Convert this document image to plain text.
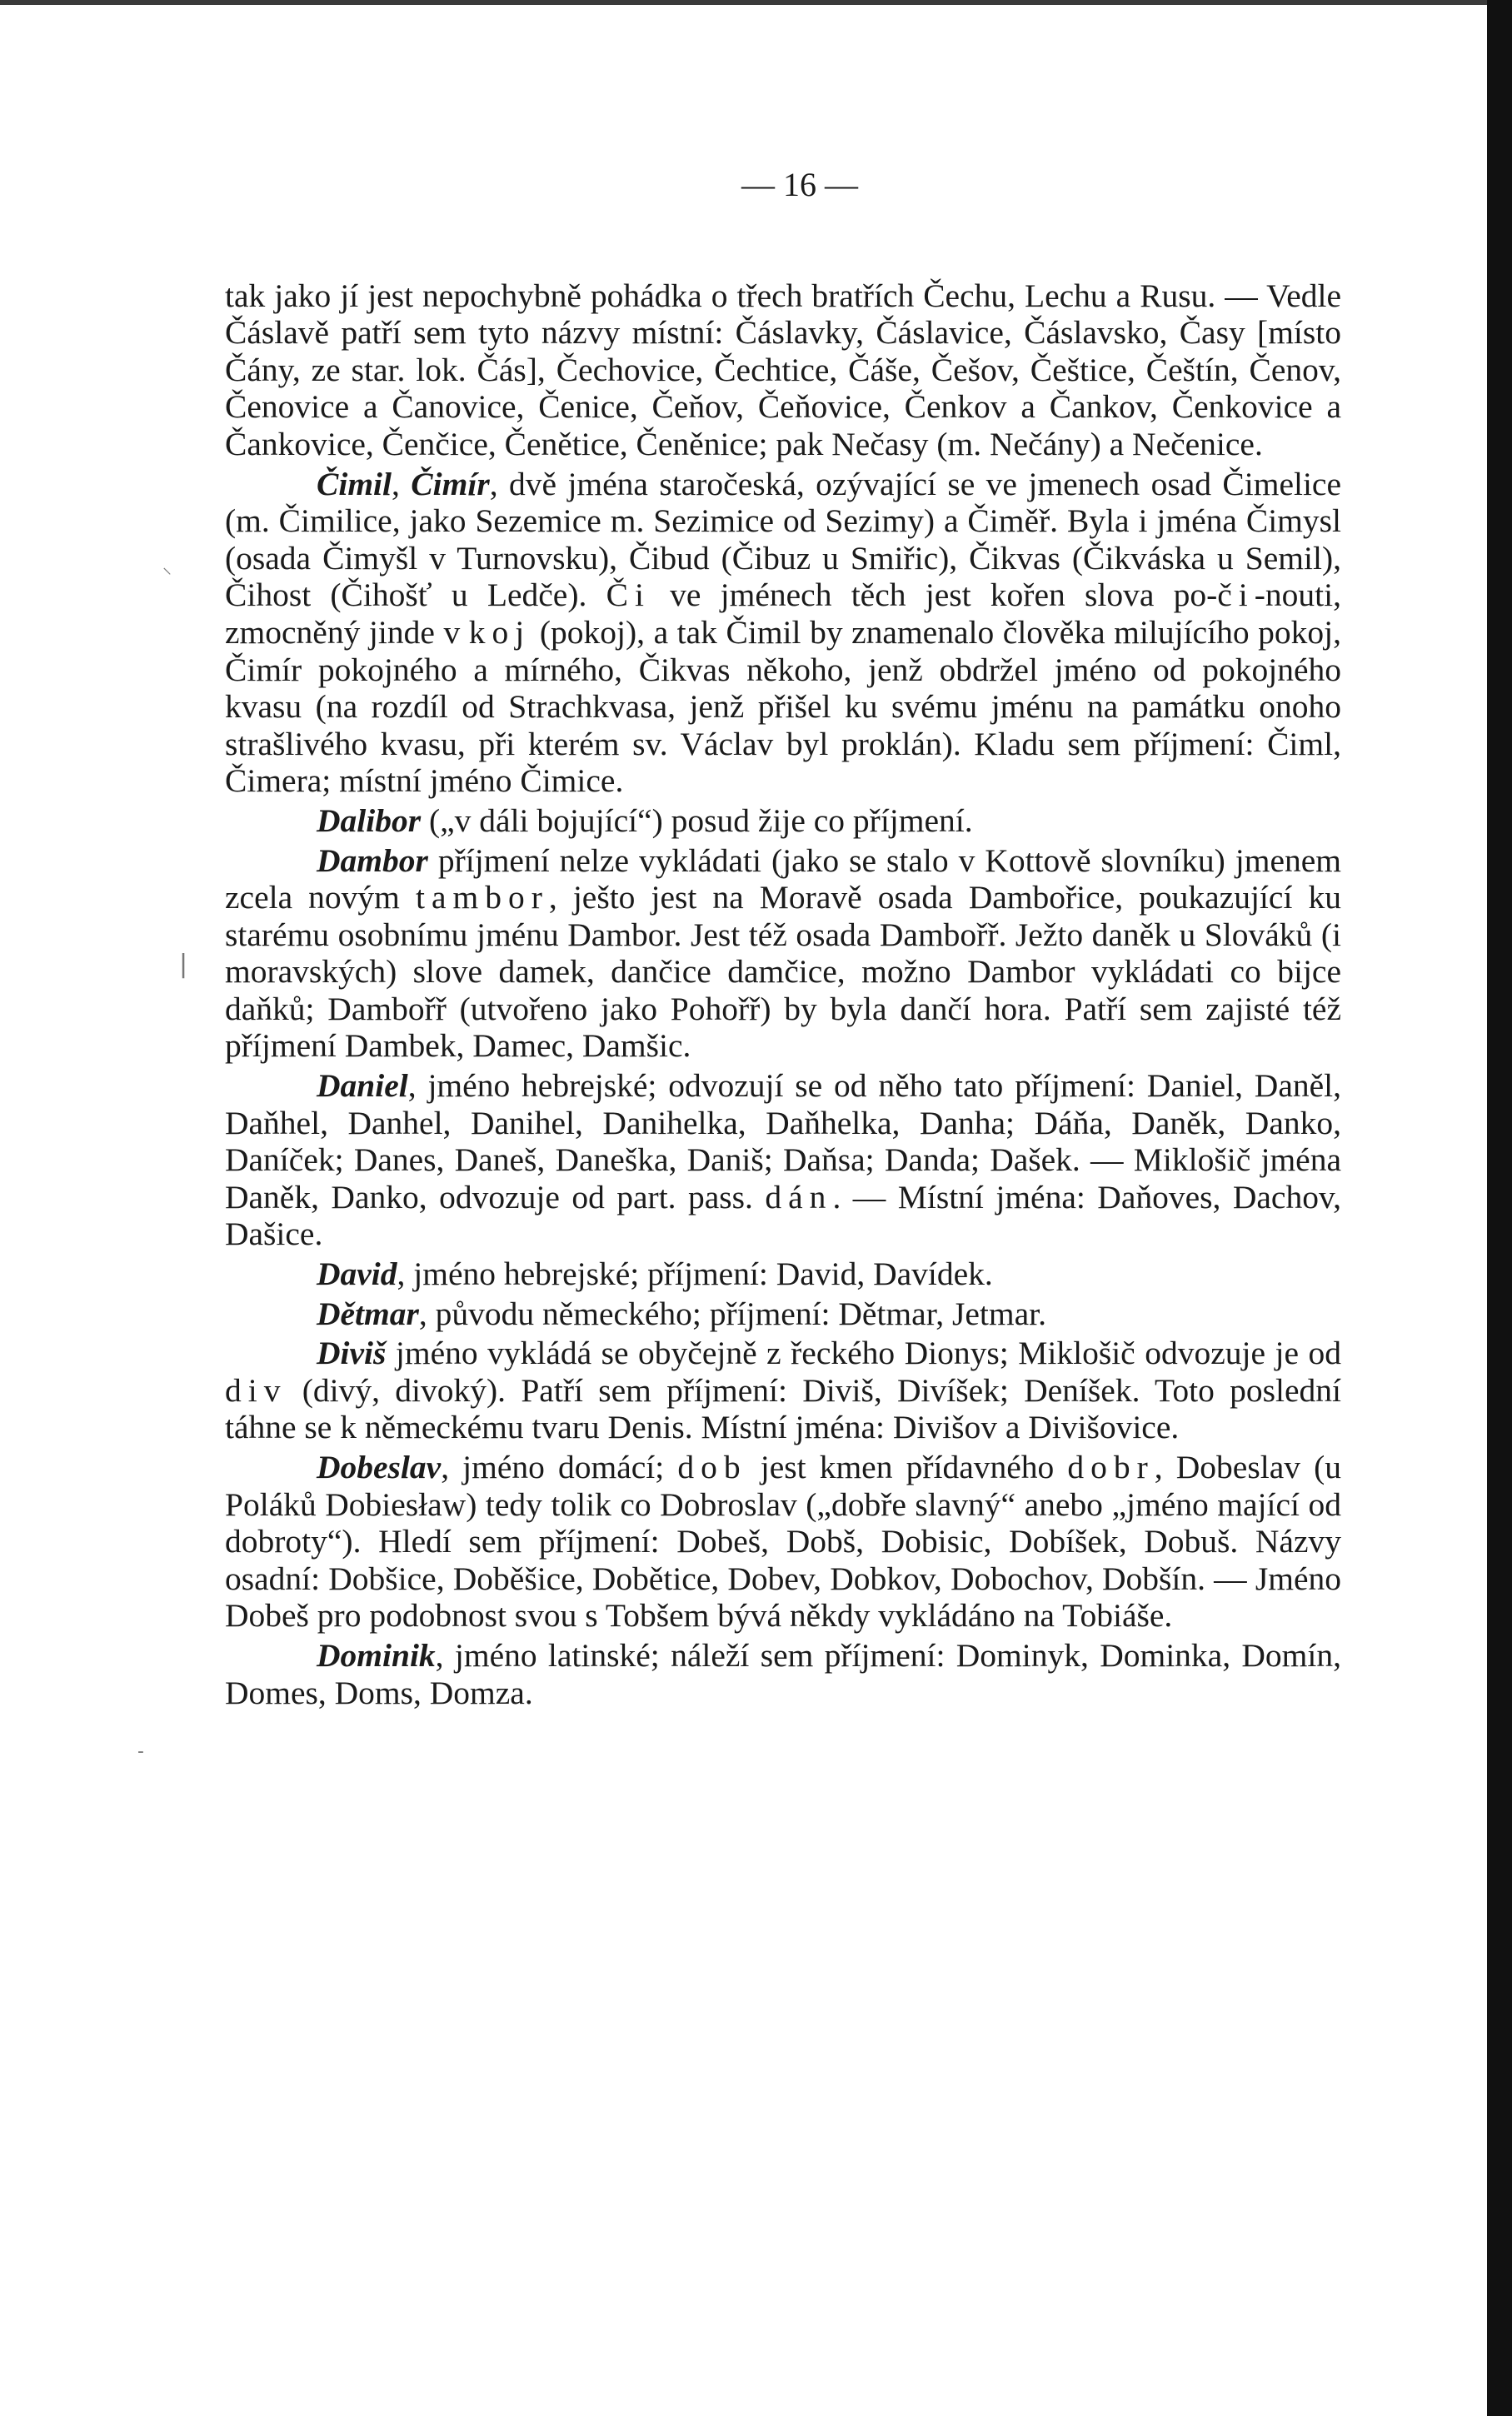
⸜
|
-
— 16 —

tak jako jí jest nepochybně pohádka o třech bratřích Čechu, Lechu a Rusu. — Vedle Čáslavě patří sem tyto názvy místní: Čáslavky, Čáslavice, Čáslavsko, Časy [místo Čány, ze star. lok. Čás], Čechovice, Čechtice, Čáše, Češov, Češtice, Češtín, Čenov, Čenovice a Čanovice, Čenice, Čeňov, Čeňovice, Čenkov a Čankov, Čenkovice a Čankovice, Čenčice, Čenětice, Čeněnice; pak Nečasy (m. Nečány) a Nečenice.

Čimil, Čimír, dvě jména staročeská, ozývající se ve jmenech osad Čimelice (m. Čimilice, jako Sezemice m. Sezimice od Sezimy) a Čiměř. Byla i jména Čimysl (osada Čimyšl v Turnovsku), Čibud (Čibuz u Smiřic), Čikvas (Čikváska u Semil), Čihost (Čihošť u Ledče). Či ve jménech těch jest kořen slova po-či-nouti, zmocněný jinde v koj (pokoj), a tak Čimil by znamenalo člověka milujícího pokoj, Čimír pokojného a mírného, Čikvas někoho, jenž obdržel jméno od pokojného kvasu (na rozdíl od Strachkvasa, jenž přišel ku svému jménu na památku onoho strašlivého kvasu, při kterém sv. Václav byl proklán). Kladu sem příjmení: Čiml, Čimera; místní jméno Čimice.

Dalibor („v dáli bojující“) posud žije co příjmení.

Dambor příjmení nelze vykládati (jako se stalo v Kottově slovníku) jmenem zcela novým tambor, ješto jest na Moravě osada Dambořice, poukazující ku starému osobnímu jménu Dambor. Jest též osada Dambořř. Ježto daněk u Slováků (i moravských) slove damek, dančice damčice, možno Dambor vykládati co bijce daňků; Dambořř (utvořeno jako Pohořř) by byla dančí hora. Patří sem zajisté též příjmení Dambek, Damec, Damšic.

Daniel, jméno hebrejské; odvozují se od něho tato příjmení: Daniel, Daněl, Daňhel, Danhel, Danihel, Danihelka, Daňhelka, Danha; Dáňa, Daněk, Danko, Daníček; Danes, Daneš, Daneška, Daniš; Daňsa; Danda; Dašek. — Miklošič jména Daněk, Danko, odvozuje od part. pass. dán. — Místní jména: Daňoves, Dachov, Dašice.

David, jméno hebrejské; příjmení: David, Davídek.

Dětmar, původu německého; příjmení: Dětmar, Jetmar.

Diviš jméno vykládá se obyčejně z řeckého Dionys; Miklošič odvozuje je od div (divý, divoký). Patří sem příjmení: Diviš, Divíšek; Deníšek. Toto poslední táhne se k německému tvaru Denis. Místní jména: Divišov a Divišovice.

Dobeslav, jméno domácí; dob jest kmen přídavného dobr, Dobeslav (u Poláků Dobiesław) tedy tolik co Dobroslav („dobře slavný“ anebo „jméno mající od dobroty“). Hledí sem příjmení: Dobeš, Dobš, Dobisic, Dobíšek, Dobuš. Názvy osadní: Dobšice, Doběšice, Dobětice, Dobev, Dobkov, Dobochov, Dobšín. — Jméno Dobeš pro podobnost svou s Tobšem bývá někdy vykládáno na Tobiáše.

Dominik, jméno latinské; náleží sem příjmení: Dominyk, Dominka, Domín, Domes, Doms, Domza.
